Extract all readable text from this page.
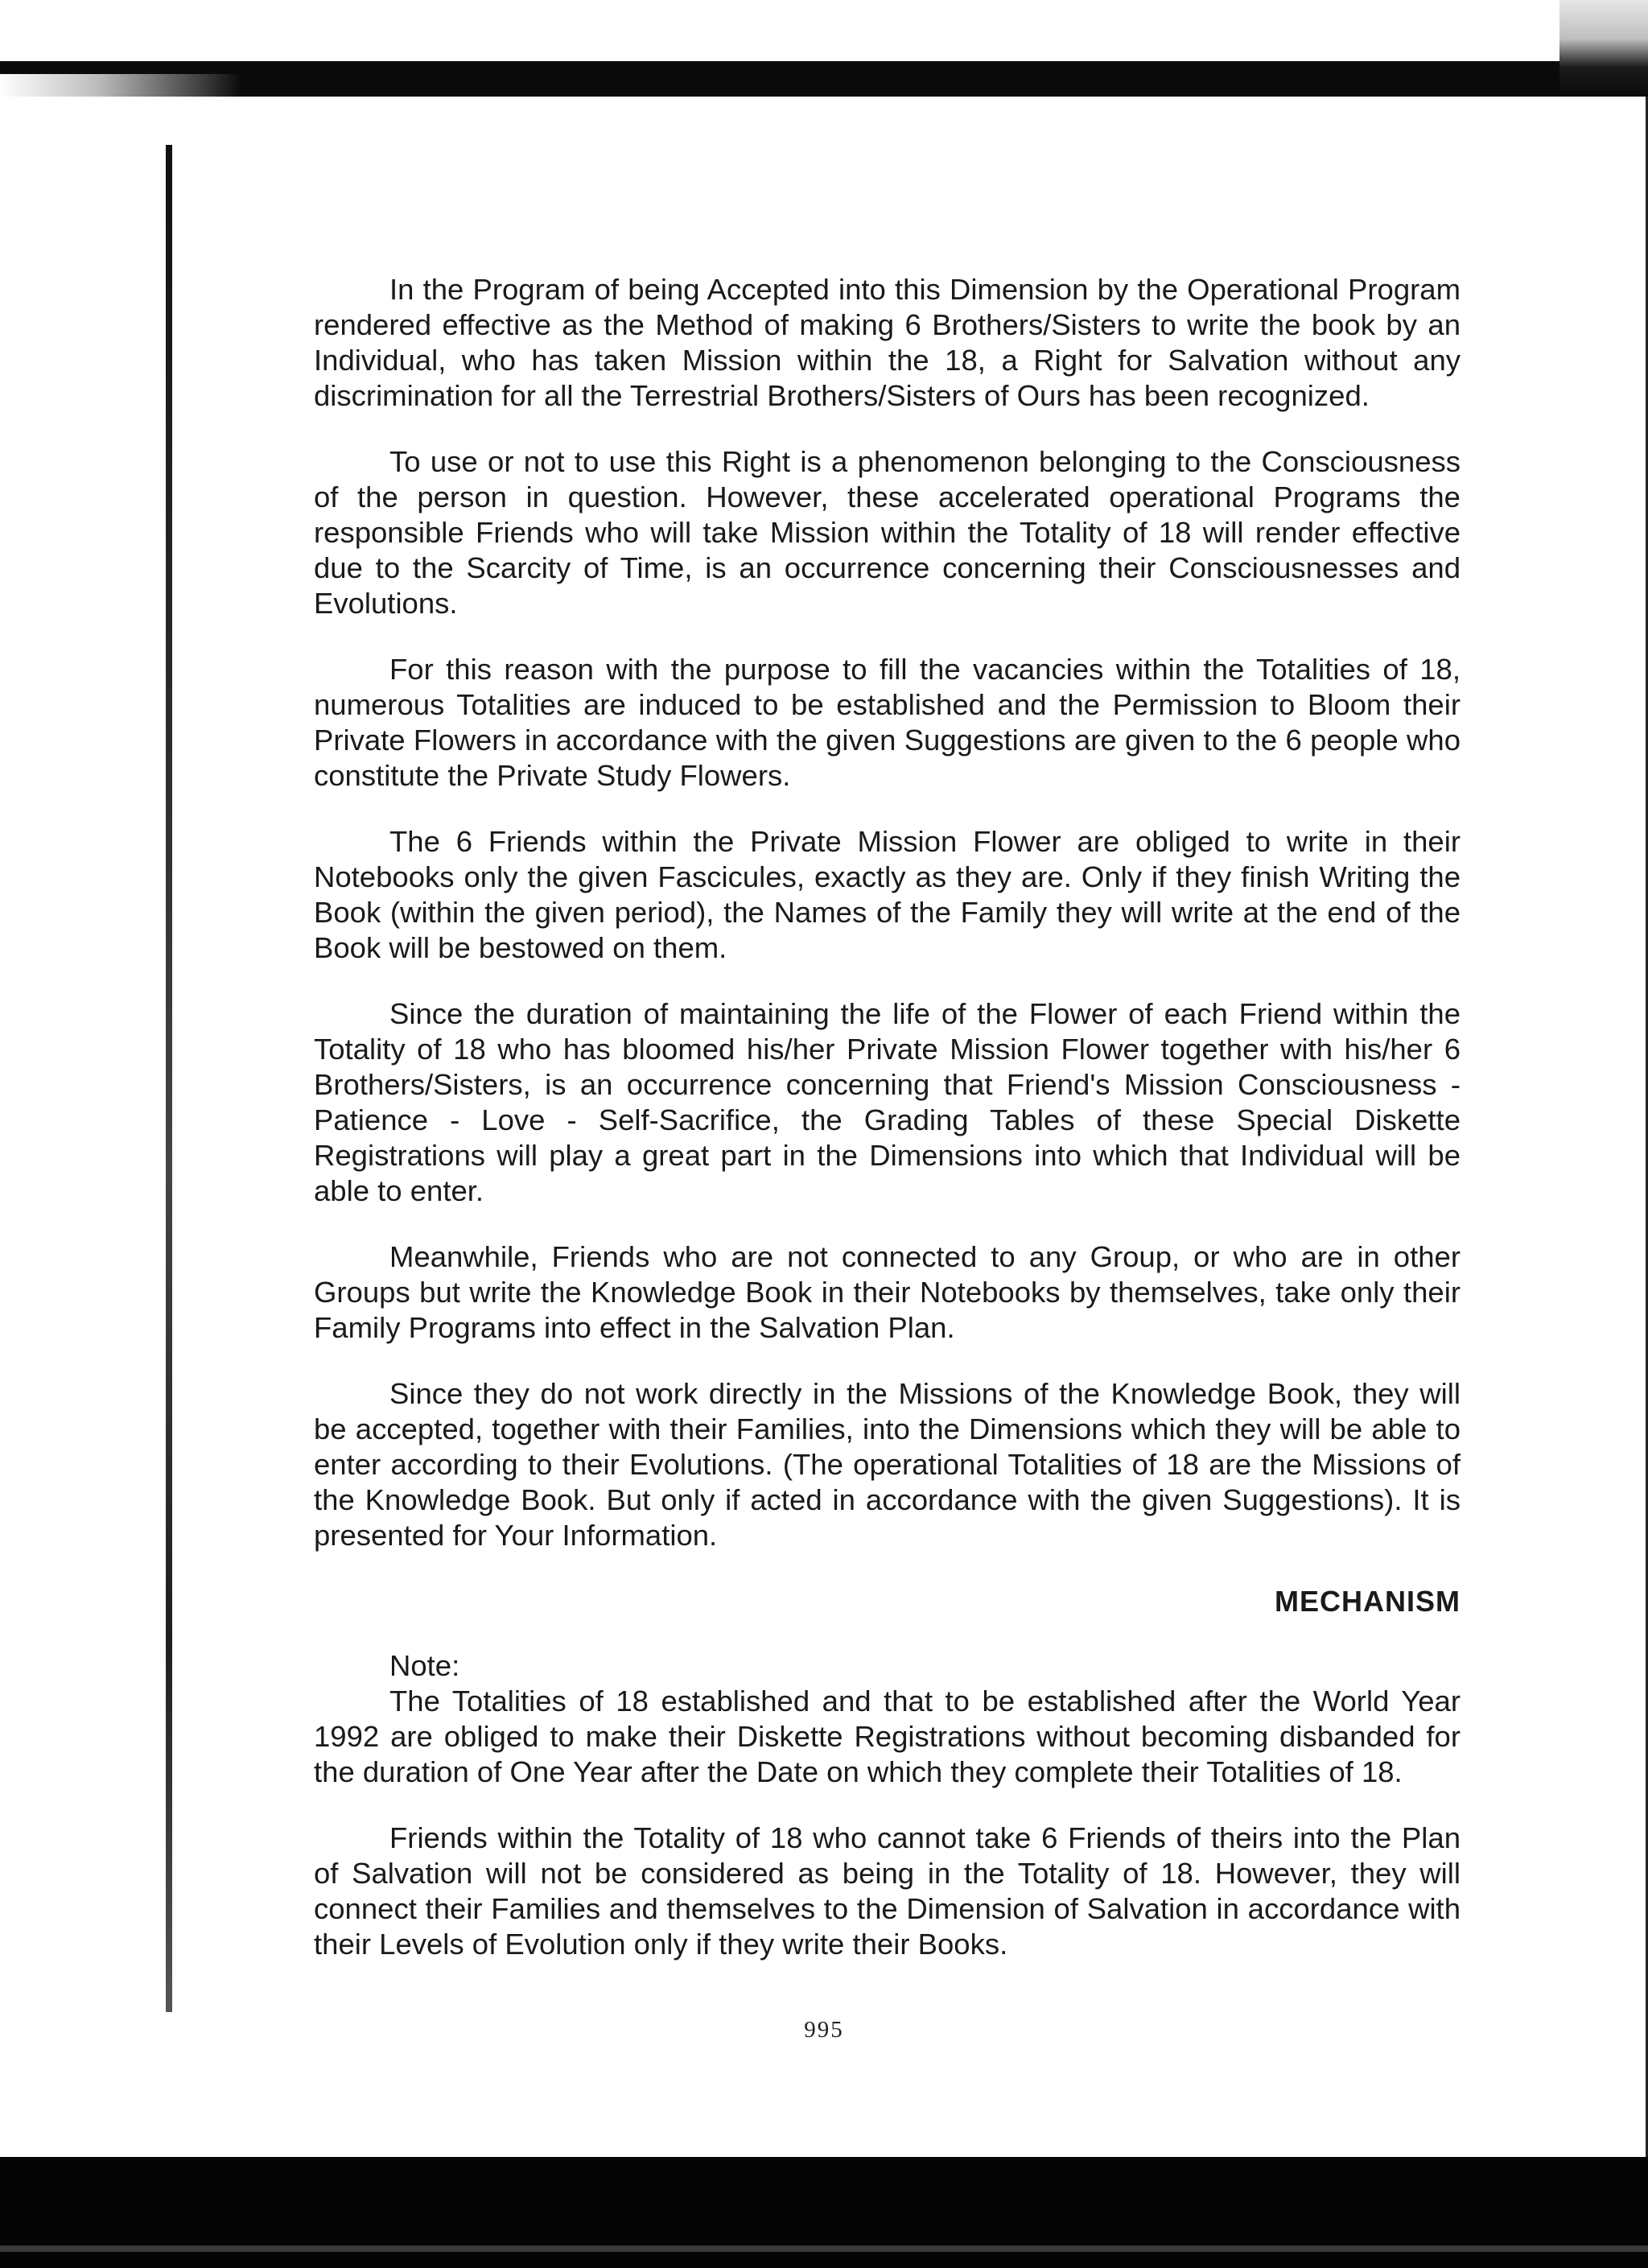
In the Program of being Accepted into this Dimension by the Operational Program rendered effective as the Method of making 6 Brothers/Sisters to write the book by an Individual, who has taken Mission within the 18, a Right for Salvation without any discrimination for all the Terrestrial Brothers/Sisters of Ours has been recognized.

To use or not to use this Right is a phenomenon belonging to the Consciousness of the person in question. However, these accelerated operational Programs the responsible Friends who will take Mission within the Totality of 18 will render effective due to the Scarcity of Time, is an occurrence concerning their Consciousnesses and Evolutions.

For this reason with the purpose to fill the vacancies within the Totalities of 18, numerous Totalities are induced to be established and the Permission to Bloom their Private Flowers in accordance with the given Suggestions are given to the 6 people who constitute the Private Study Flowers.

The 6 Friends within the Private Mission Flower are obliged to write in their Notebooks only the given Fascicules, exactly as they are. Only if they finish Writing the Book (within the given period), the Names of the Family they will write at the end of the Book will be bestowed on them.

Since the duration of maintaining the life of the Flower of each Friend within the Totality of 18 who has bloomed his/her Private Mission Flower together with his/her 6 Brothers/Sisters, is an occurrence concerning that Friend's Mission Consciousness - Patience - Love - Self-Sacrifice, the Grading Tables of these Special Diskette Registrations will play a great part in the Dimensions into which that Individual will be able to enter.

Meanwhile, Friends who are not connected to any Group, or who are in other Groups but write the Knowledge Book in their Notebooks by themselves, take only their Family Programs into effect in the Salvation Plan.

Since they do not work directly in the Missions of the Knowledge Book, they will be accepted, together with their Families, into the Dimensions which they will be able to enter according to their Evolutions. (The operational Totalities of 18 are the Missions of the Knowledge Book. But only if acted in accordance with the given Suggestions). It is presented for Your Information.

MECHANISM

Note:

The Totalities of 18 established and that to be established after the World Year 1992 are obliged to make their Diskette Registrations without becoming disbanded for the duration of One Year after the Date on which they complete their Totalities of 18.

Friends within the Totality of 18 who cannot take 6 Friends of theirs into the Plan of Salvation will not be considered as being in the Totality of 18. However, they will connect their Families and themselves to the Dimension of Salvation in accordance with their Levels of Evolution only if they write their Books.

995
